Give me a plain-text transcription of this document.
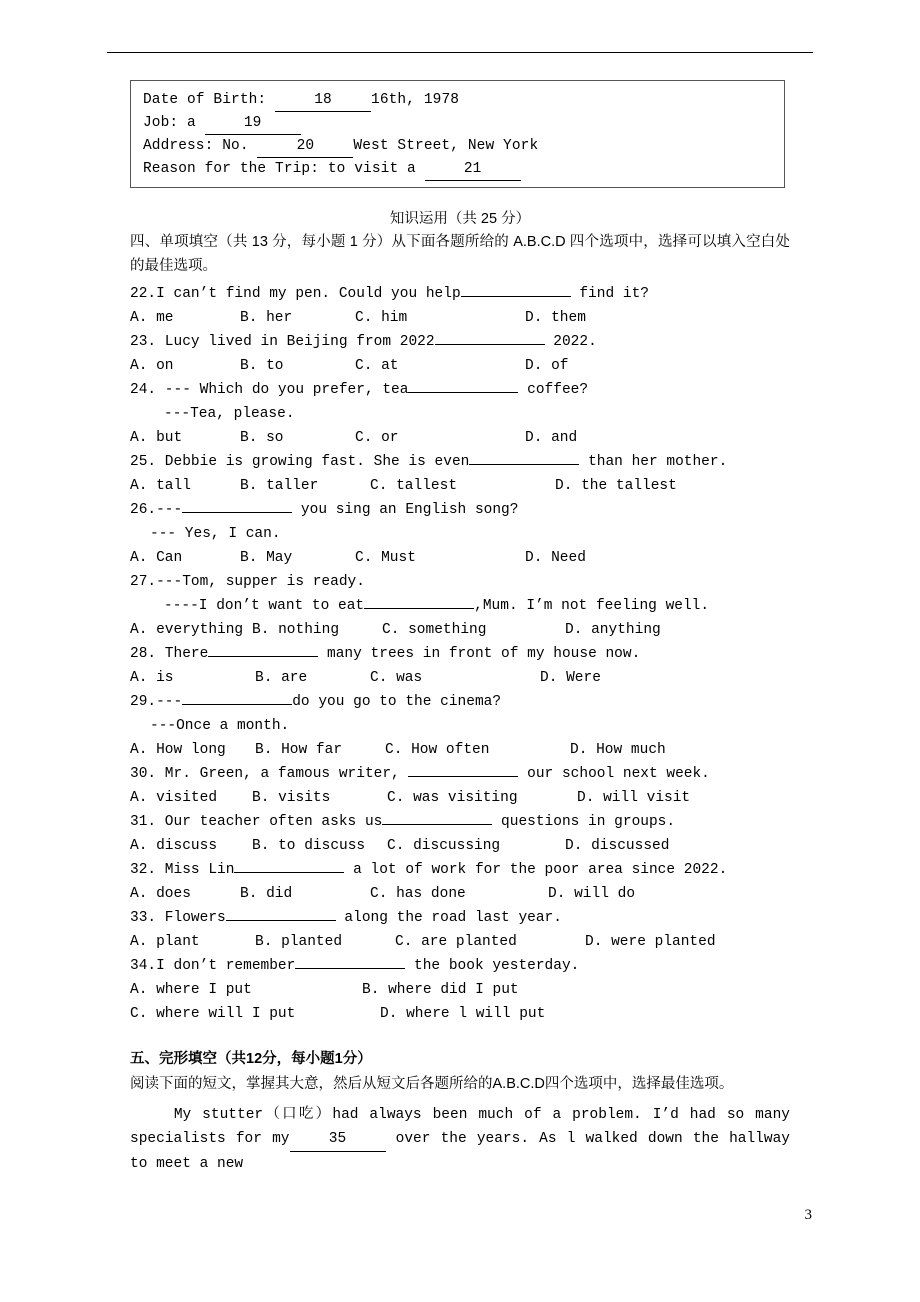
Date of Birth:	18	16th, 1978
Job: a	19
Address: No.	20	West Street, New York
Reason for the Trip: to visit a	21
知识运用（共 25 分）
四、单项填空（共 13 分，每小题 1 分）从下面各题所给的 A.B.C.D 四个选项中，选择可以填入空白处的最佳选项。
22.I can’t find my pen. Could you help	find it?
A. me	B. her	C. him	D. them
23. Lucy lived in Beijing from 2022	2022.
A. on	B. to	C. at	D. of
24. --- Which do you prefer, tea	coffee?
---Tea, please.
A. but	B. so	C. or	D. and
25. Debbie is growing fast. She is even	than her mother.
A. tall	B. taller	C. tallest	D. the tallest
26.---	you sing an English song?
--- Yes, I can.
A. Can	B. May	C. Must	D. Need
27.---Tom, supper is ready.
----I don’t want to eat	,Mum. I’m not feeling well.
A. everything B. nothing	C. something	D. anything
28. There	many trees in front of my house now.
A. is	B. are	C. was	D. Were
29.---	do you go to the cinema?
---Once a month.
A. How long	B. How far	C. How often	D. How much
30. Mr. Green, a famous writer,	our school next week.
A. visited	B. visits	C. was visiting	D. will visit
31. Our teacher often asks us	questions in groups.
A. discuss	B. to discuss	C. discussing	D. discussed
32. Miss Lin	a lot of work for the poor area since 2022.
A. does	B. did	C. has done	D. will do
33. Flowers	along the road last year.
A. plant	B. planted	C. are planted	D. were planted
34.I don’t remember	the book yesterday.
A. where I put	B. where did I put
C. where will I put	D. where l will put
五、完形填空（共12分，每小题1分）
阅读下面的短文，掌握其大意，然后从短文后各题所给的A.B.C.D四个选项中，选择最佳选项。
My stutter（口吃）had always been much of a problem. I’d had so many specialists for my	35	over the years. As l walked down the hallway to meet a new
3
